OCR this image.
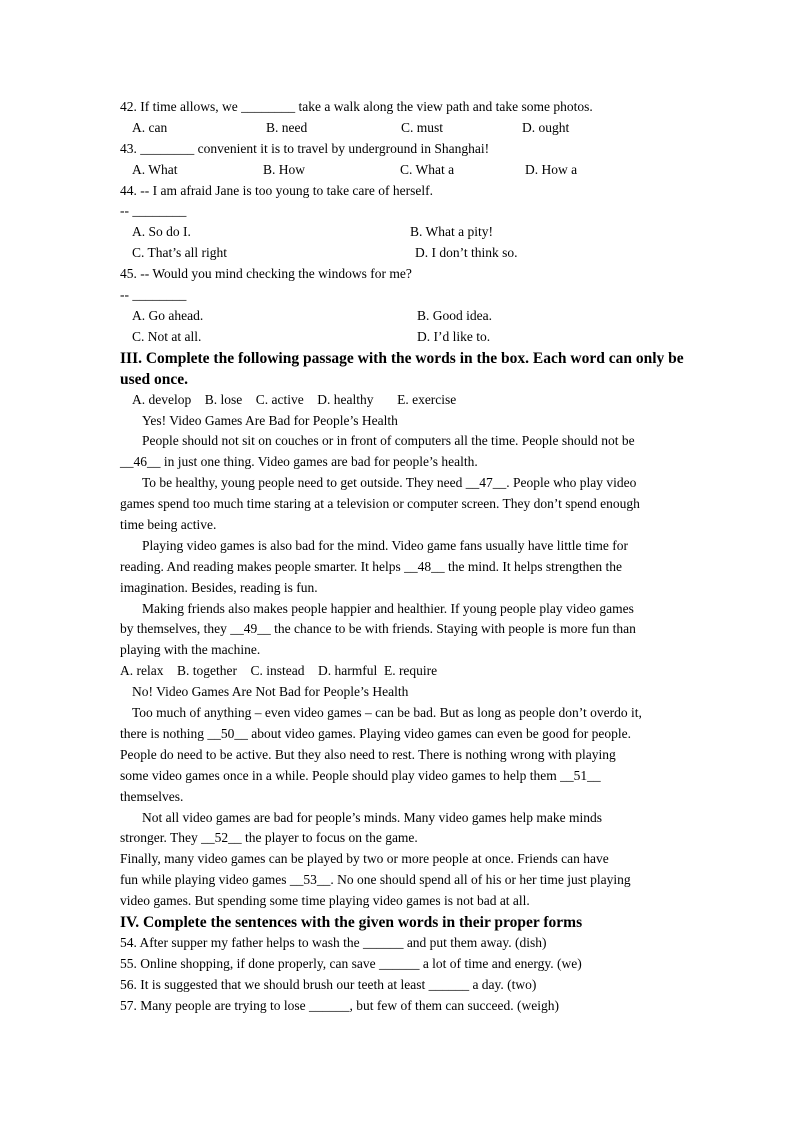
42. If time allows, we ________ take a walk along the view path and take some photos.
A. can	B. need	C. must	D. ought
43. ________ convenient it is to travel by underground in Shanghai!
A. What	B. How	C. What a	D. How a
44. -- I am afraid Jane is too young to take care of herself.
-- ________
A. So do I.	B. What a pity!
C. That’s all right	D. I don’t think so.
45. -- Would you mind checking the windows for me?
-- ________
A. Go ahead.	B. Good idea.
C. Not at all.	D. I’d like to.
III. Complete the following passage with the words in the box. Each word can only be used once.
A. develop    B. lose    C. active    D. healthy       E. exercise
Yes! Video Games Are Bad for People’s Health
People should not sit on couches or in front of computers all the time. People should not be
__46__ in just one thing. Video games are bad for people’s health.
To be healthy, young people need to get outside. They need __47__. People who play video
games spend too much time staring at a television or computer screen. They don’t spend enough
time being active.
Playing video games is also bad for the mind. Video game fans usually have little time for
reading. And reading makes people smarter. It helps __48__ the mind. It helps strengthen the
imagination. Besides, reading is fun.
Making friends also makes people happier and healthier. If young people play video games
by themselves, they __49__ the chance to be with friends. Staying with people is more fun than
playing with the machine.
A. relax    B. together    C. instead    D. harmful  E. require
No! Video Games Are Not Bad for People’s Health
Too much of anything – even video games – can be bad. But as long as people don’t overdo it,
there is nothing __50__ about video games. Playing video games can even be good for people.
People do need to be active. But they also need to rest. There is nothing wrong with playing
some video games once in a while. People should play video games to help them __51__
themselves.
Not all video games are bad for people’s minds. Many video games help make minds
stronger. They __52__ the player to focus on the game.
Finally, many video games can be played by two or more people at once. Friends can have
fun while playing video games __53__. No one should spend all of his or her time just playing
video games. But spending some time playing video games is not bad at all.
IV. Complete the sentences with the given words in their proper forms
54. After supper my father helps to wash the ______ and put them away. (dish)
55. Online shopping, if done properly, can save ______ a lot of time and energy. (we)
56. It is suggested that we should brush our teeth at least ______ a day. (two)
57. Many people are trying to lose ______, but few of them can succeed. (weigh)
